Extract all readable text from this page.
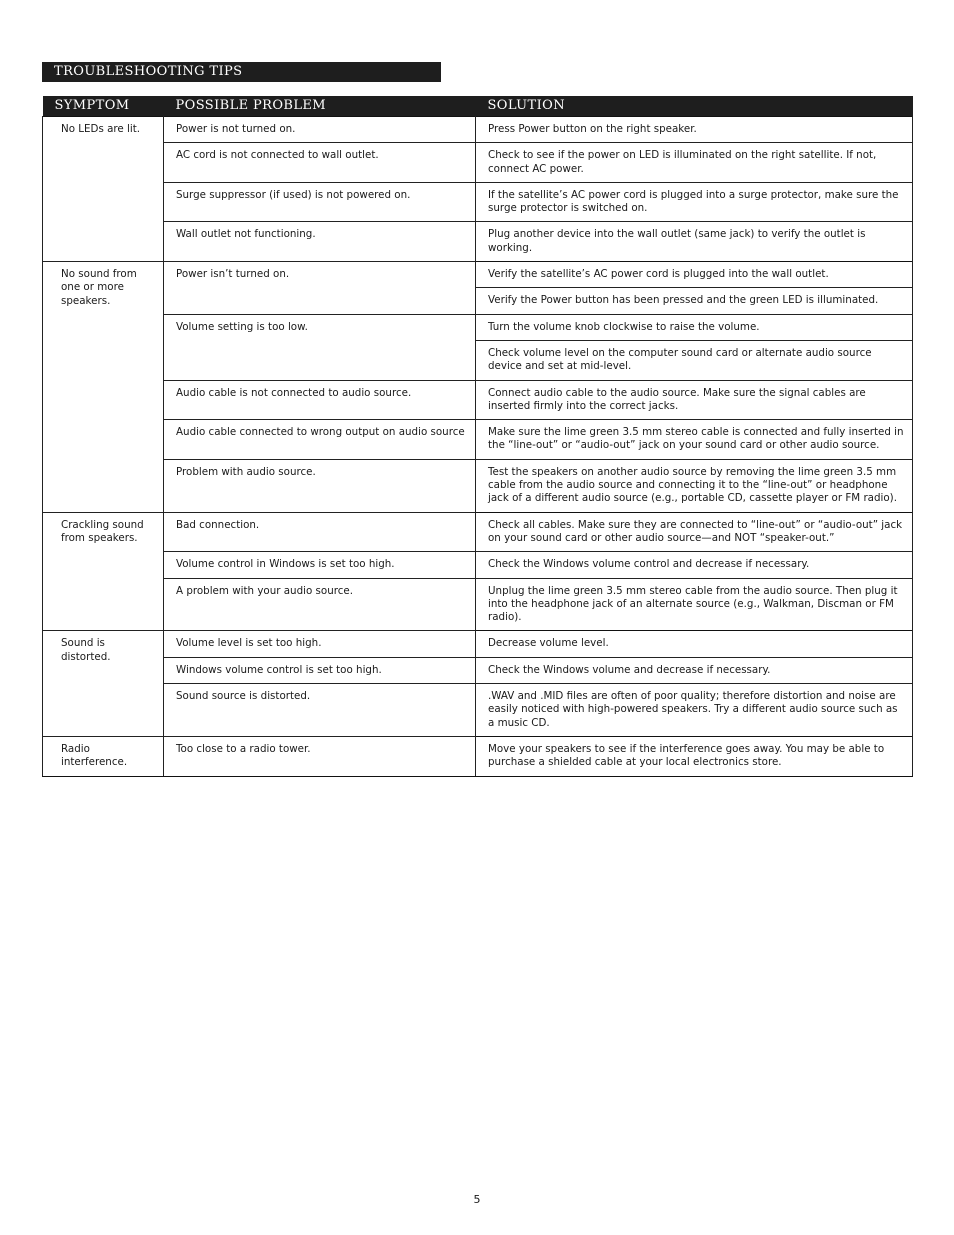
TROUBLESHOOTING TIPS
SYMPTOM	POSSIBLE PROBLEM	SOLUTION
No LEDs are lit.	Power is not turned on.	Press Power button on the right speaker.
	AC cord is not connected to wall outlet.	Check to see if the power on LED is illuminated on the right satellite. If not, connect AC power.
	Surge suppressor (if used) is not powered on.	If the satellite’s AC power cord is plugged into a surge protector, make sure the surge protector is switched on.
	Wall outlet not functioning.	Plug another device into the wall outlet (same jack) to verify the outlet is working.
No sound from one or more speakers.	Power isn’t turned on.	Verify the satellite’s AC power cord is plugged into the wall outlet.
		Verify the Power button has been pressed and the green LED is illuminated.
	Volume setting is too low.	Turn the volume knob clockwise to raise the volume.
		Check volume level on the computer sound card or alternate audio source device and set at mid-level.
	Audio cable is not connected to audio source.	Connect audio cable to the audio source. Make sure the signal cables are inserted firmly into the correct jacks.
	Audio cable connected to wrong output on audio source	Make sure the lime green 3.5 mm stereo cable is connected and fully inserted in the “line-out” or “audio-out” jack on your sound card or other audio source.
	Problem with audio source.	Test the speakers on another audio source by removing the lime green 3.5 mm cable from the audio source and connecting it to the “line-out” or headphone jack of a different audio source (e.g., portable CD, cassette player or FM radio).
Crackling sound from speakers.	Bad connection.	Check all cables. Make sure they are connected to “line-out” or “audio-out” jack on your sound card or other audio source—and NOT “speaker-out.”
	Volume control in Windows is set too high.	Check the Windows volume control and decrease if necessary.
	A problem with your audio source.	Unplug the lime green 3.5 mm stereo cable from the audio source. Then plug it into the headphone jack of an alternate source (e.g., Walkman, Discman or FM radio).
Sound is distorted.	Volume level is set too high.	Decrease volume level.
	Windows volume control is set too high.	Check the Windows volume and decrease if necessary.
	Sound source is distorted.	.WAV and .MID files are often of poor quality; therefore distortion and noise are easily noticed with high-powered speakers. Try a different audio source such as a music CD.
Radio interference.	Too close to a radio tower.	Move your speakers to see if the interference goes away. You may be able to purchase a shielded cable at your local electronics store.
5
